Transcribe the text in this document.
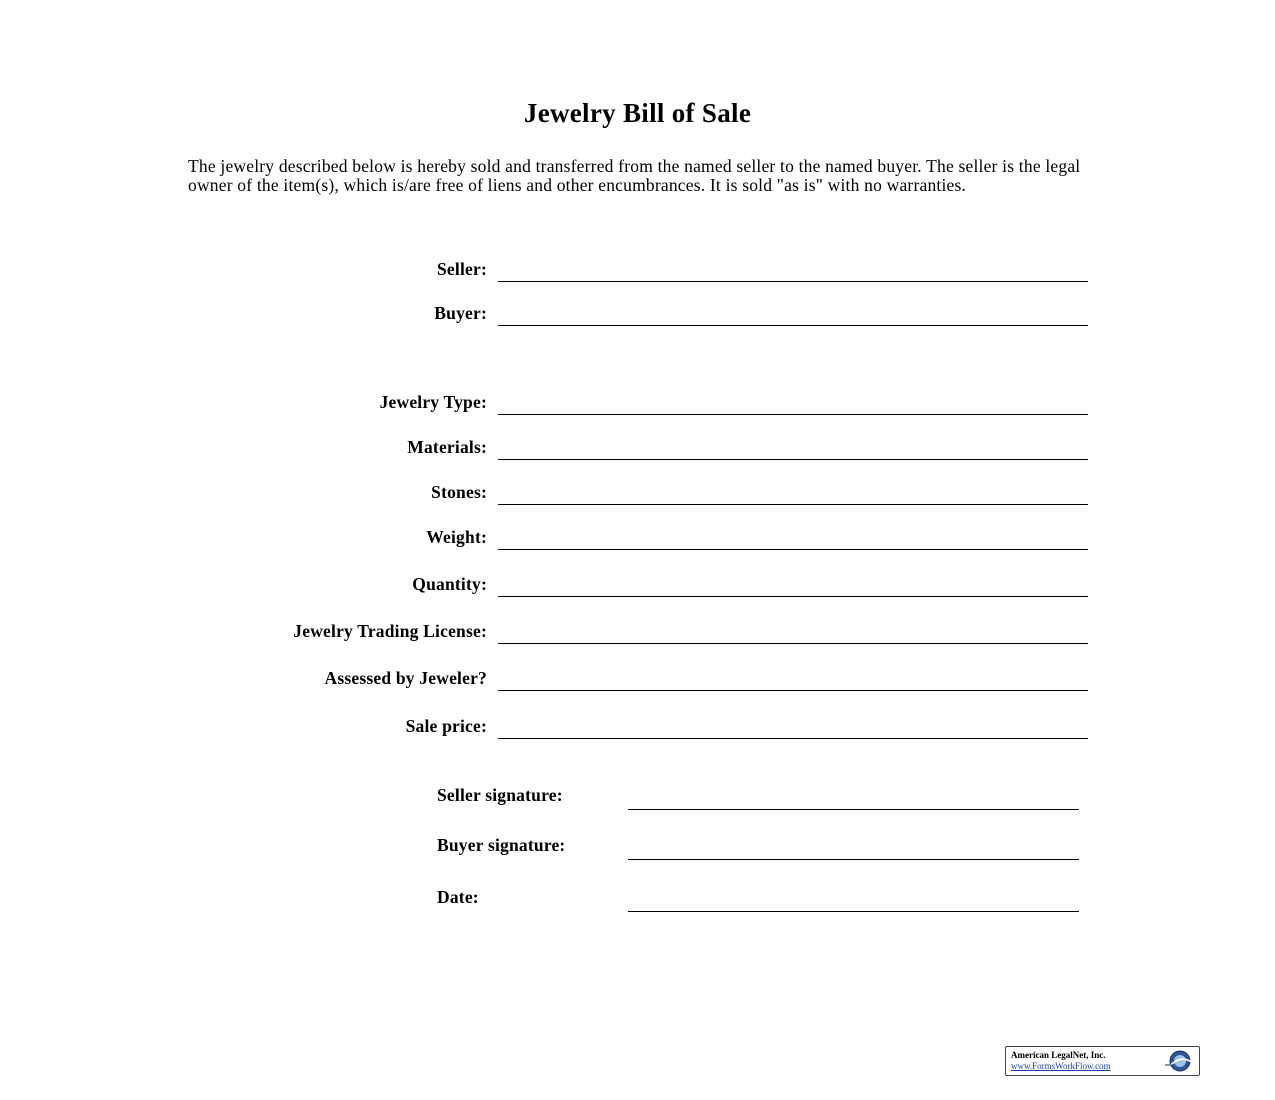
Jewelry Bill of Sale
The jewelry described below is hereby sold and transferred from the named seller to the named buyer. The seller is the legal owner of the item(s), which is/are free of liens and other encumbrances. It is sold "as is" with no warranties.
Seller:
Buyer:
Jewelry Type:
Materials:
Stones:
Weight:
Quantity:
Jewelry Trading License:
Assessed by Jeweler?
Sale price:
Seller signature:
Buyer signature:
Date:
American LegalNet, Inc.
www.FormsWorkFlow.com
